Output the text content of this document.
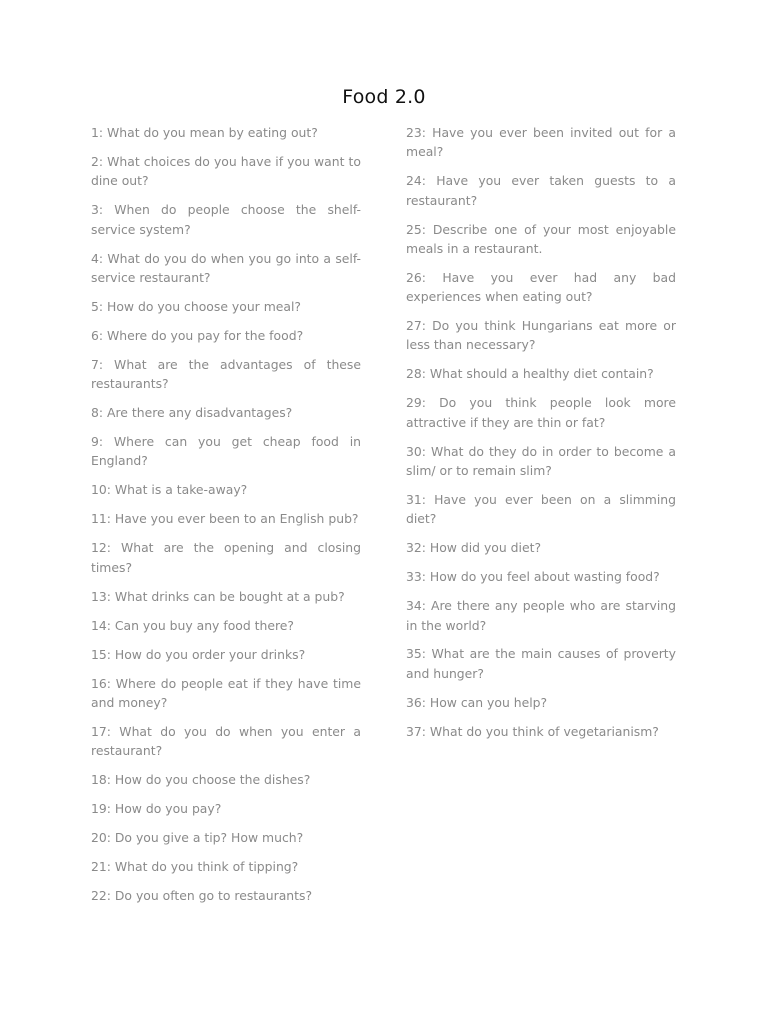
Food 2.0

1: What do you mean by eating out?

2: What choices do you have if you want to dine out?

3: When do people choose the shelf-service system?

4: What do you do when you go into a self-service restaurant?

5: How do you choose your meal?

6: Where do you pay for the food?

7: What are the advantages of these restaurants?

8: Are there any disadvantages?

9: Where can you get cheap food in England?

10: What is a take-away?

11: Have you ever been to an English pub?

12: What are the opening and closing times?

13: What drinks can be bought at a pub?

14: Can you buy any food there?

15: How do you order your drinks?

16: Where do people eat if they have time and money?

17: What do you do when you enter a restaurant?

18: How do you choose the dishes?

19: How do you pay?

20: Do you give a tip? How much?

21: What do you think of tipping?

22: Do you often go to restaurants?

23: Have you ever been invited out for a meal?

24: Have you ever taken guests to a restaurant?

25: Describe one of your most enjoyable meals in a restaurant.

26: Have you ever had any bad experiences when eating out?

27: Do you think Hungarians eat more or less than necessary?

28: What should a healthy diet contain?

29: Do you think people look more attractive if they are thin or fat?

30: What do they do in order to become a slim/ or to remain slim?

31: Have you ever been on a slimming diet?

32: How did you diet?

33: How do you feel about wasting food?

34: Are there any people who are starving in the world?

35: What are the main causes of proverty and hunger?

36: How can you help?

37: What do you think of vegetarianism?
